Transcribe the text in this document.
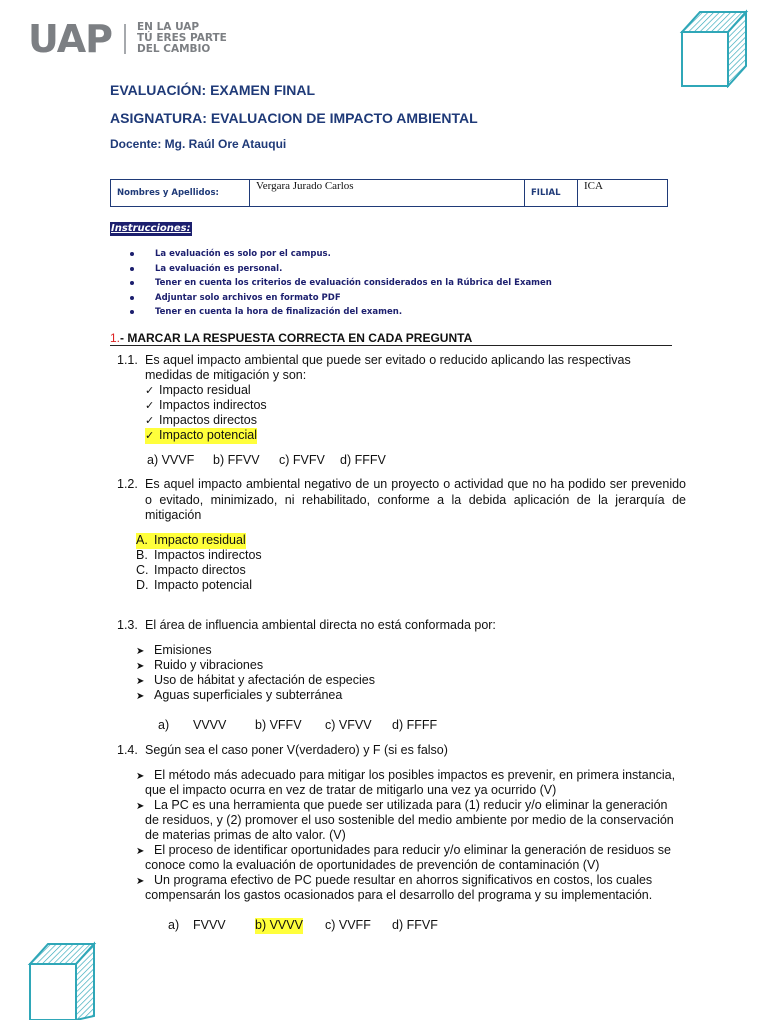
UAP EN LA UAP
TÚ ERES PARTE
DEL CAMBIO
EVALUACIÓN: EXAMEN FINAL
ASIGNATURA: EVALUACION DE IMPACTO AMBIENTAL
Docente: Mg. Raúl Ore Atauqui
Nombres y Apellidos:	Vergara Jurado Carlos	FILIAL	ICA
Instrucciones:
La evaluación es solo por el campus.
La evaluación es personal.
Tener en cuenta los criterios de evaluación considerados en la Rúbrica del Examen
Adjuntar solo archivos en formato PDF
Tener en cuenta la hora de finalización del examen.
1.- MARCAR LA RESPUESTA CORRECTA EN CADA PREGUNTA
1.1. Es aquel impacto ambiental que puede ser evitado o reducido aplicando las respectivas
medidas de mitigación y son:
✓ Impacto residual
✓ Impactos indirectos
✓ Impactos directos
✓ Impacto potencial
a) VVVF b) FFVV c) FVFV d) FFFV
1.2. Es aquel impacto ambiental negativo de un proyecto o actividad que no ha podido ser prevenido o evitado, minimizado, ni rehabilitado, conforme a la debida aplicación de la jerarquía de mitigación
A. Impacto residual
B. Impactos indirectos
C. Impacto directos
D. Impacto potencial
1.3. El área de influencia ambiental directa no está conformada por:
➤ Emisiones
➤ Ruido y vibraciones
➤ Uso de hábitat y afectación de especies
➤ Aguas superficiales y subterránea
a) VVVV b) VFFV c) VFVV d) FFFF
1.4. Según sea el caso poner V(verdadero) y F (si es falso)
➤ El método más adecuado para mitigar los posibles impactos es prevenir, en primera instancia,
que el impacto ocurra en vez de tratar de mitigarlo una vez ya ocurrido (V)
➤ La PC es una herramienta que puede ser utilizada para (1) reducir y/o eliminar la generación
de residuos, y (2) promover el uso sostenible del medio ambiente por medio de la conservación
de materias primas de alto valor. (V)
➤ El proceso de identificar oportunidades para reducir y/o eliminar la generación de residuos se
conoce como la evaluación de oportunidades de prevención de contaminación (V)
➤ Un programa efectivo de PC puede resultar en ahorros significativos en costos, los cuales
compensarán los gastos ocasionados para el desarrollo del programa y su implementación.
a) FVVV b) VVVV c) VVFF d) FFVF
